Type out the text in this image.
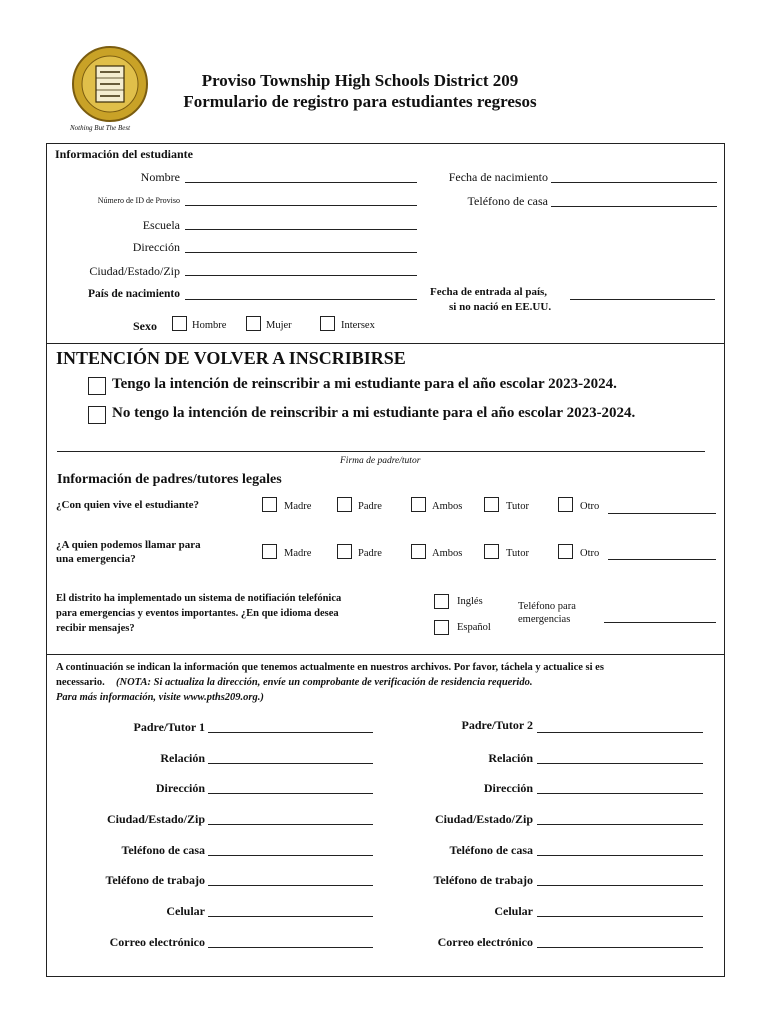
Nothing But The Best
Proviso Township High Schools District 209
Formulario de registro para estudiantes regresos
Información del estudiante
Nombre
Número de ID de Proviso
Escuela
Dirección
Ciudad/Estado/Zip
País de nacimiento
Fecha de nacimiento
Teléfono de casa
Fecha de entrada al país,
si no nació en EE.UU.
Sexo	Hombre	Mujer	Intersex
INTENCIÓN DE VOLVER A INSCRIBIRSE
Tengo la intención de reinscribir a mi estudiante para el año escolar 2023-2024.
No tengo la intención de reinscribir a mi estudiante para el año escolar 2023-2024.
Firma de padre/tutor
Información de padres/tutores legales
¿Con quien vive el estudiante?	Madre	Padre	Ambos	Tutor	Otro
¿A quien podemos llamar para
una emergencia?	Madre	Padre	Ambos	Tutor	Otro
El distrito ha implementado un sistema de notifiación telefónica
para emergencias y eventos importantes. ¿En que idioma desea
recibir mensajes?
Inglés
Español
Teléfono para
emergencias
A continuación se indican la información que tenemos actualmente en nuestros archivos. Por favor, táchela y actualice si es
necessario. (NOTA: Si actualiza la dirección, envíe un comprobante de verificación de residencia requerido.
Para más información, visite www.pths209.org.)
Padre/Tutor 1
Relación
Dirección
Ciudad/Estado/Zip
Teléfono de casa
Teléfono de trabajo
Celular
Correo electrónico
Padre/Tutor 2
Relación
Dirección
Ciudad/Estado/Zip
Teléfono de casa
Teléfono de trabajo
Celular
Correo electrónico
